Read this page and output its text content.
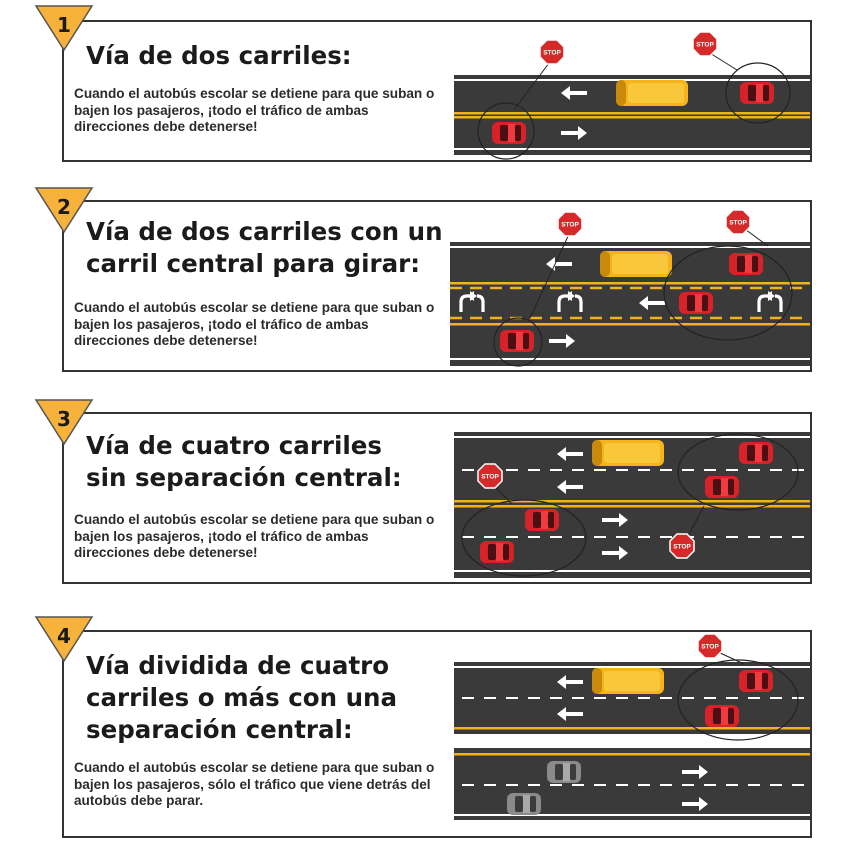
Vía de dos carriles:

Cuando el autobús escolar se detiene para que suban o bajen los pasajeros, ¡todo el tráfico de ambas direcciones debe detenerse!

STOP
STOP
Vía de dos carriles con un
carril central para girar:

Cuando el autobús escolar se detiene para que suban o bajen los pasajeros, ¡todo el tráfico de ambas direcciones debe detenerse!

STOP	STOP
Vía de cuatro carriles
sin separación central:

Cuando el autobús escolar se detiene para que suban o bajen los pasajeros, ¡todo el tráfico de ambas direcciones debe detenerse!

STOP
STOP
Vía dividida de cuatro
carriles o más con una
separación central:

Cuando el autobús escolar se detiene para que suban o bajen los pasajeros, sólo el tráfico que viene detrás del autobús debe parar.

STOP
1
2
3
4
